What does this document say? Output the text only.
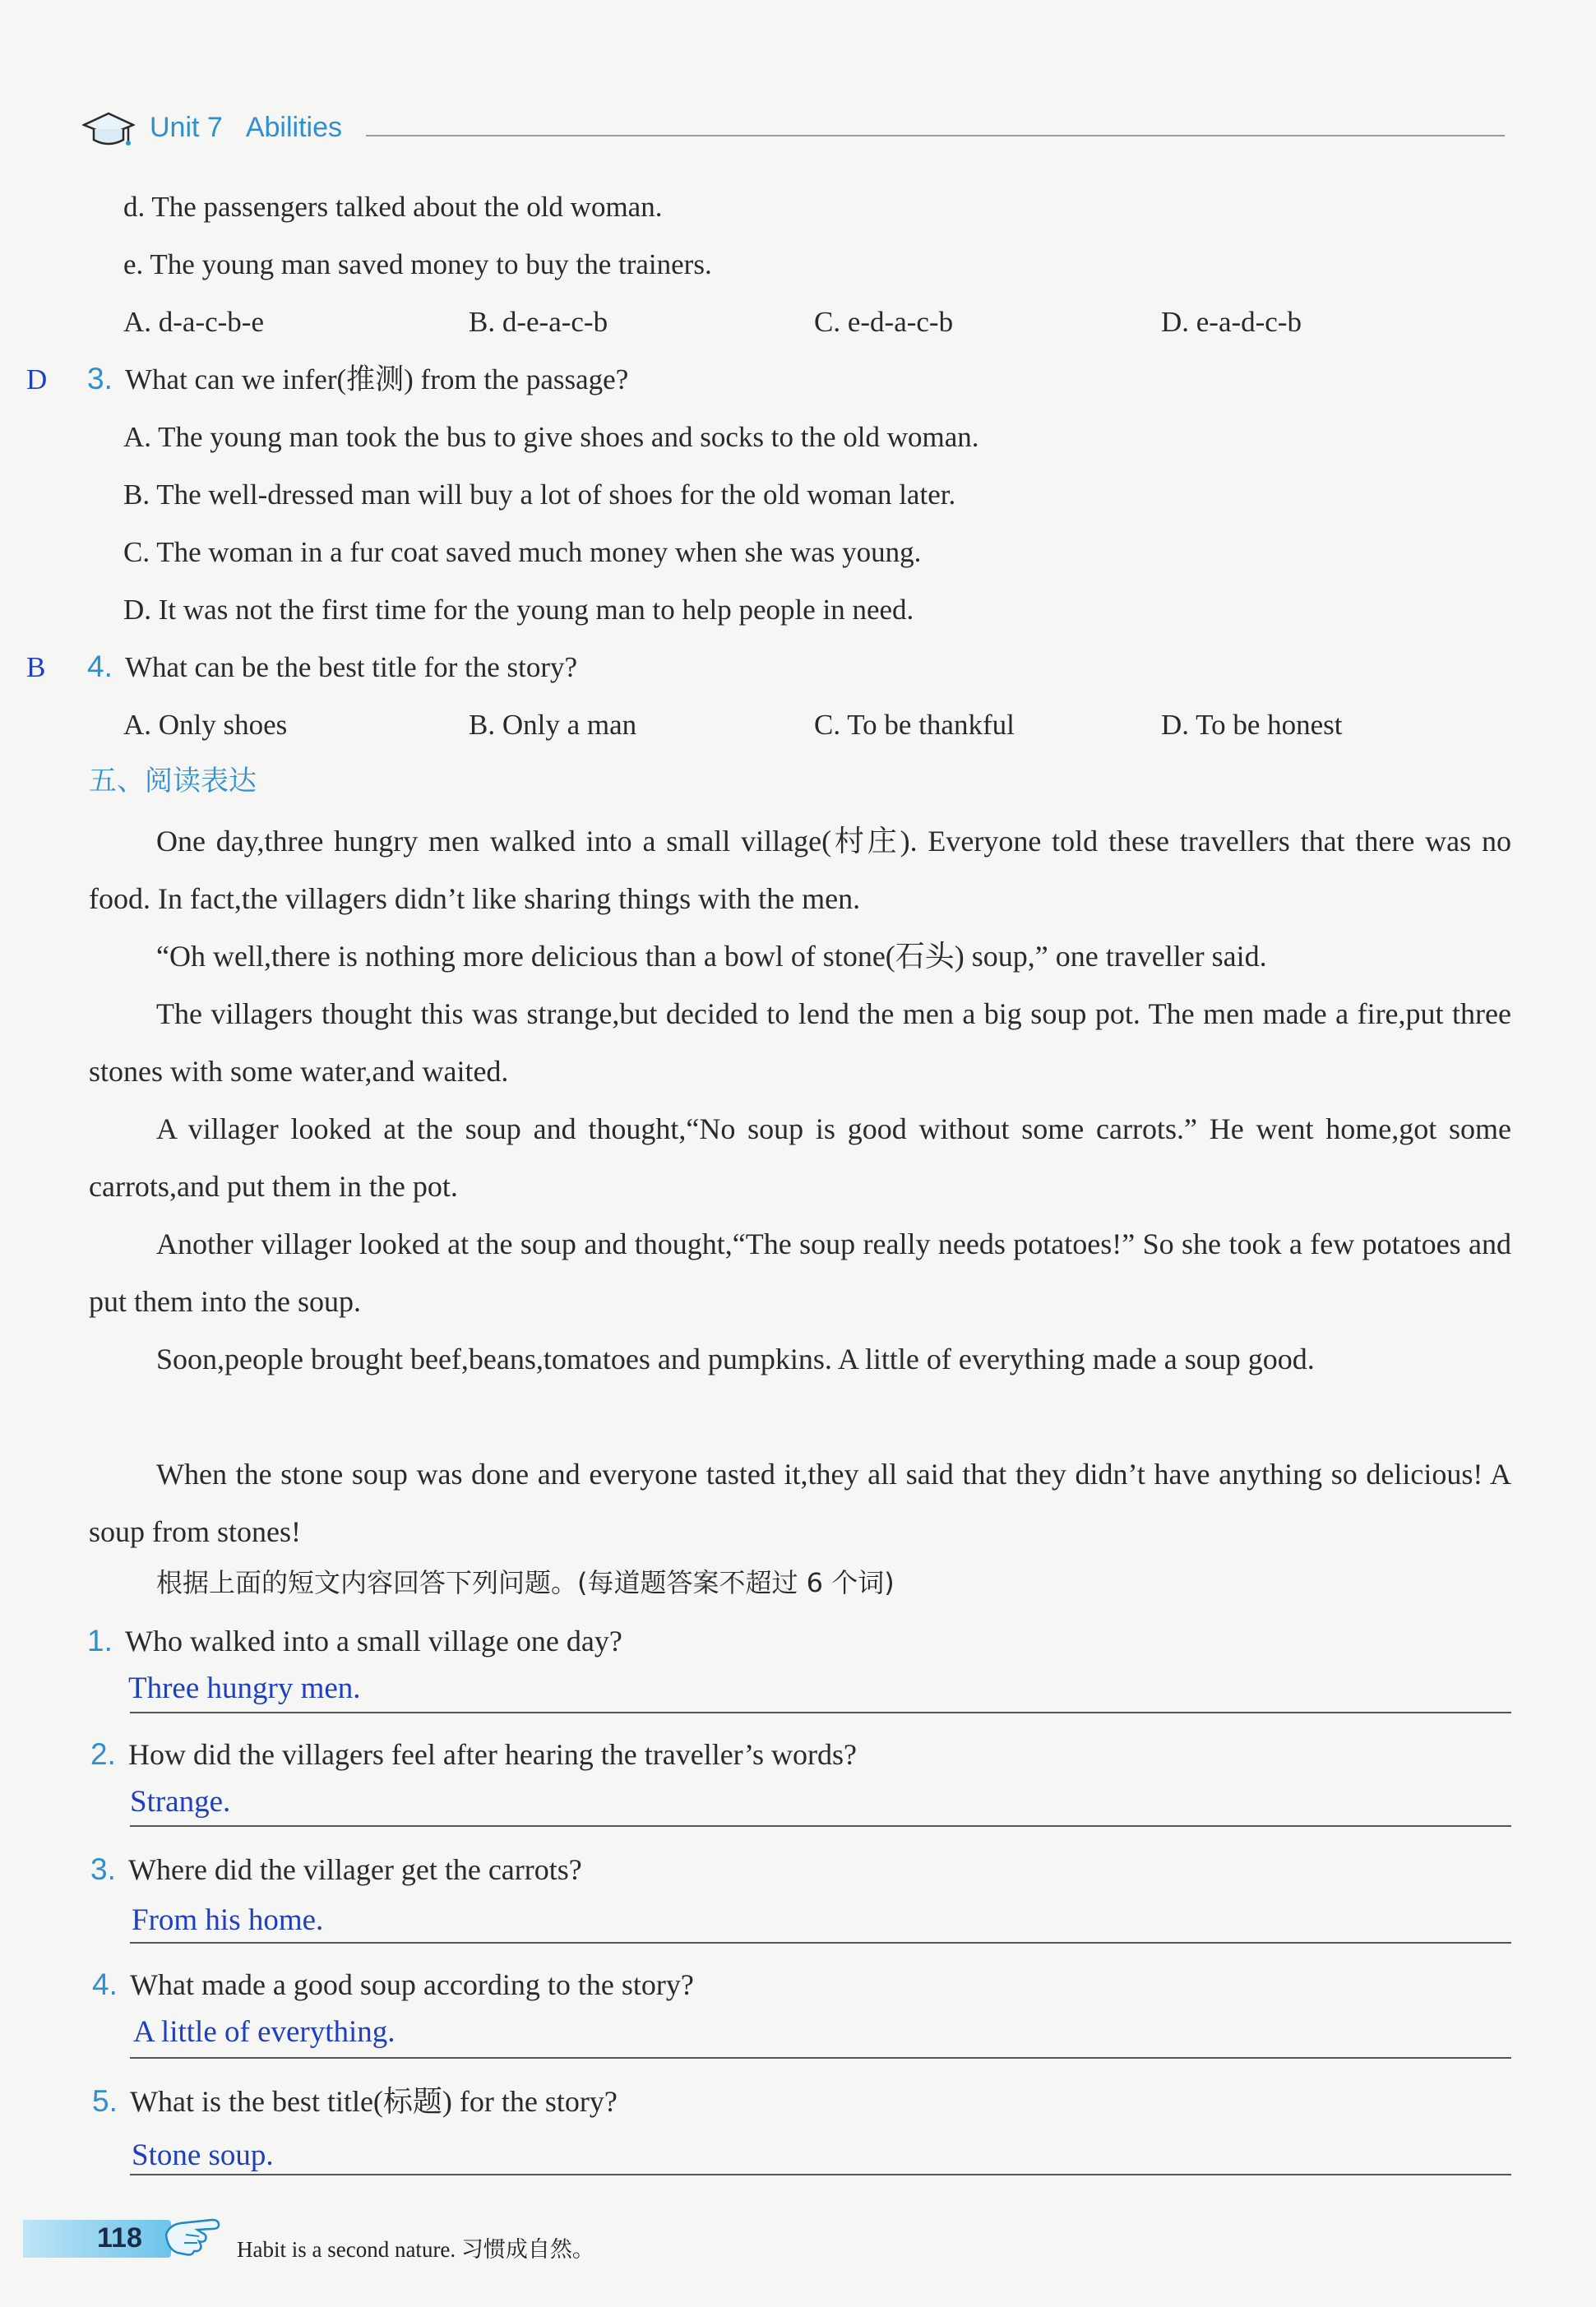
Unit 7 Abilities
d. The passengers talked about the old woman.
e. The young man saved money to buy the trainers.
A. d-a-c-b-e	B. d-e-a-c-b	C. e-d-a-c-b	D. e-a-d-c-b
D 3. What can we infer(推测) from the passage?
A. The young man took the bus to give shoes and socks to the old woman.
B. The well-dressed man will buy a lot of shoes for the old woman later.
C. The woman in a fur coat saved much money when she was young.
D. It was not the first time for the young man to help people in need.
B 4. What can be the best title for the story?
A. Only shoes	B. Only a man	C. To be thankful	D. To be honest
五、阅读表达
One day,three hungry men walked into a small village(村庄). Everyone told these travellers that there was no food. In fact,the villagers didn’t like sharing things with the men.
“Oh well,there is nothing more delicious than a bowl of stone(石头) soup,” one traveller said.
The villagers thought this was strange,but decided to lend the men a big soup pot. The men made a fire,put three stones with some water,and waited.
A villager looked at the soup and thought,“No soup is good without some carrots.” He went home,got some carrots,and put them in the pot.
Another villager looked at the soup and thought,“The soup really needs potatoes!” So she took a few potatoes and put them into the soup.
Soon,people brought beef,beans,tomatoes and pumpkins. A little of everything made a soup good.
When the stone soup was done and everyone tasted it,they all said that they didn’t have anything so delicious! A soup from stones!
根据上面的短文内容回答下列问题。(每道题答案不超过 6 个词)
1. Who walked into a small village one day?
Three hungry men.
2. How did the villagers feel after hearing the traveller’s words?
Strange.
3. Where did the villager get the carrots?
From his home.
4. What made a good soup according to the story?
A little of everything.
5. What is the best title(标题) for the story?
Stone soup.
118	Habit is a second nature. 习惯成自然。
